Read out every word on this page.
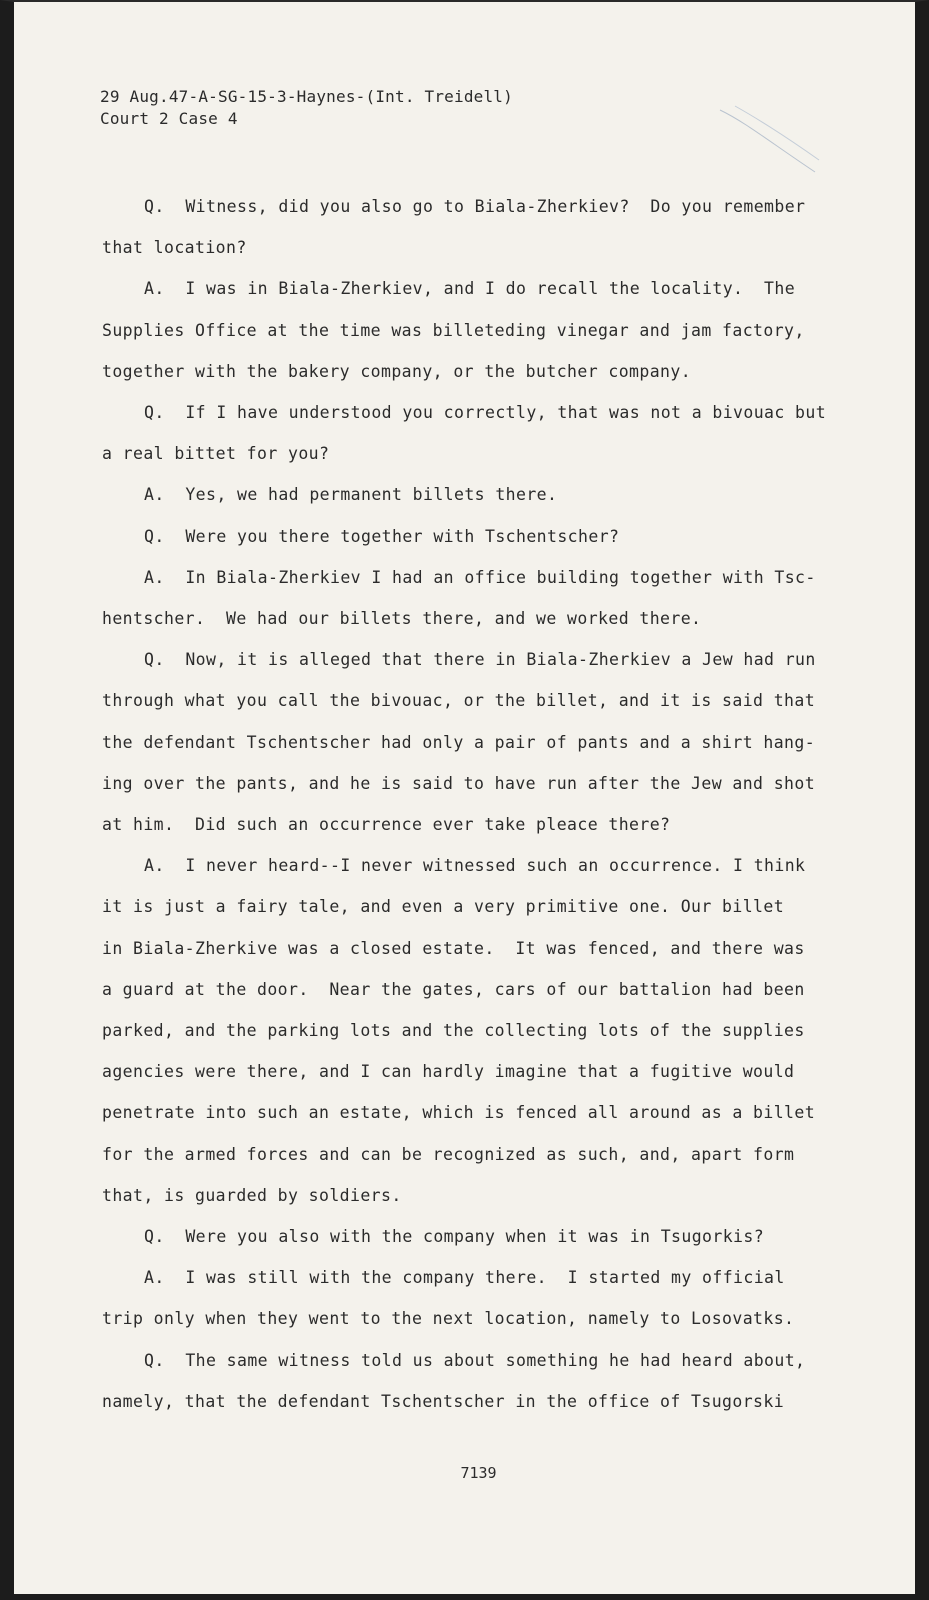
29 Aug.47-A-SG-15-3-Haynes-(Int. Treidell)
Court 2 Case 4
Q.  Witness, did you also go to Biala-Zherkiev?  Do you remember
that location?
A.  I was in Biala-Zherkiev, and I do recall the locality.  The
Supplies Office at the time was billeteding vinegar and jam factory,
together with the bakery company, or the butcher company.
Q.  If I have understood you correctly, that was not a bivouac but
a real bittet for you?
A.  Yes, we had permanent billets there.
Q.  Were you there together with Tschentscher?
A.  In Biala-Zherkiev I had an office building together with Tsc-
hentscher.  We had our billets there, and we worked there.
Q.  Now, it is alleged that there in Biala-Zherkiev a Jew had run
through what you call the bivouac, or the billet, and it is said that
the defendant Tschentscher had only a pair of pants and a shirt hang-
ing over the pants, and he is said to have run after the Jew and shot
at him.  Did such an occurrence ever take pleace there?
A.  I never heard--I never witnessed such an occurrence. I think
it is just a fairy tale, and even a very primitive one. Our billet
in Biala-Zherkive was a closed estate.  It was fenced, and there was
a guard at the door.  Near the gates, cars of our battalion had been
parked, and the parking lots and the collecting lots of the supplies
agencies were there, and I can hardly imagine that a fugitive would
penetrate into such an estate, which is fenced all around as a billet
for the armed forces and can be recognized as such, and, apart form
that, is guarded by soldiers.
Q.  Were you also with the company when it was in Tsugorkis?
A.  I was still with the company there.  I started my official
trip only when they went to the next location, namely to Losovatks.
Q.  The same witness told us about something he had heard about,
namely, that the defendant Tschentscher in the office of Tsugorski
7139
